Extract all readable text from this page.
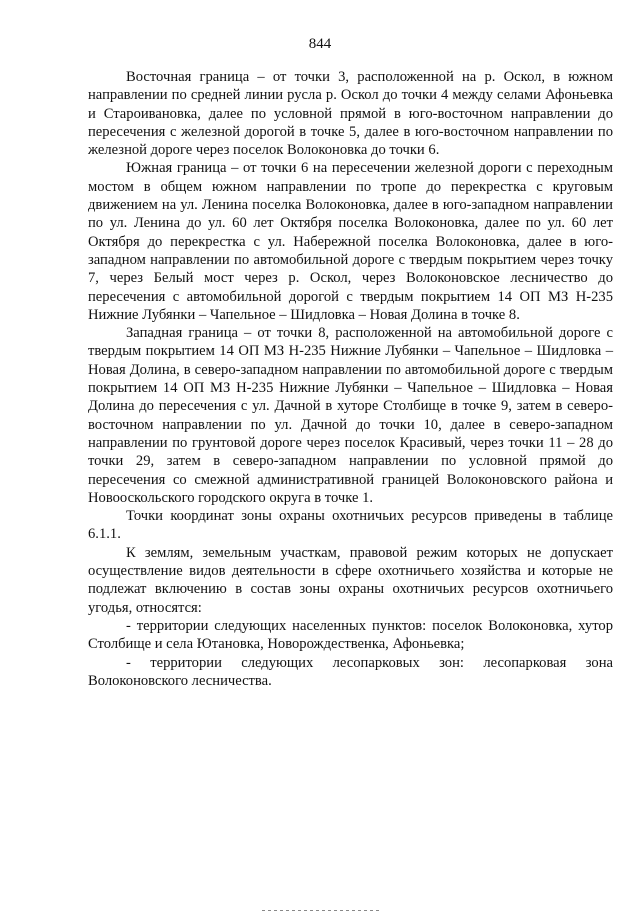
844

Восточная граница – от точки 3, расположенной на р. Оскол, в южном направлении по средней линии русла р. Оскол до точки 4 между селами Афоньевка и Староивановка, далее по условной прямой в юго-восточном направлении до пересечения с железной дорогой в точке 5, далее в юго-восточном направлении по железной дороге через поселок Волоконовка до точки 6.

Южная граница – от точки 6 на пересечении железной дороги с переходным мостом в общем южном направлении по тропе до перекрестка с круговым движением на ул. Ленина поселка Волоконовка, далее в юго-западном направлении по ул. Ленина до ул. 60 лет Октября поселка Волоконовка, далее по ул. 60 лет Октября до перекрестка с ул. Набережной поселка Волоконовка, далее в юго-западном направлении по автомобильной дороге с твердым покрытием через точку 7, через Белый мост через р. Оскол, через Волоконовское лесничество до пересечения с автомобильной дорогой с твердым покрытием 14 ОП МЗ Н-235 Нижние Лубянки – Чапельное – Шидловка – Новая Долина в точке 8.

Западная граница – от точки 8, расположенной на автомобильной дороге с твердым покрытием 14 ОП МЗ Н-235 Нижние Лубянки – Чапельное – Шидловка – Новая Долина, в северо-западном направлении по автомобильной дороге с твердым покрытием 14 ОП МЗ Н-235 Нижние Лубянки – Чапельное – Шидловка – Новая Долина до пересечения с ул. Дачной в хуторе Столбище в точке 9, затем в северо-восточном направлении по ул. Дачной до точки 10, далее в северо-западном направлении по грунтовой дороге через поселок Красивый, через точки 11 – 28 до точки 29, затем в северо-западном направлении по условной прямой до пересечения со смежной административной границей Волоконовского района и Новооскольского городского округа в точке 1.

Точки координат зоны охраны охотничьих ресурсов приведены в таблице 6.1.1.

К землям, земельным участкам, правовой режим которых не допускает осуществление видов деятельности в сфере охотничьего хозяйства и которые не подлежат включению в состав зоны охраны охотничьих ресурсов охотничьего угодья, относятся:

- территории следующих населенных пунктов: поселок Волоконовка, хутор Столбище и села Ютановка, Новорождественка, Афоньевка;

- территории следующих лесопарковых зон: лесопарковая зона Волоконовского лесничества.
